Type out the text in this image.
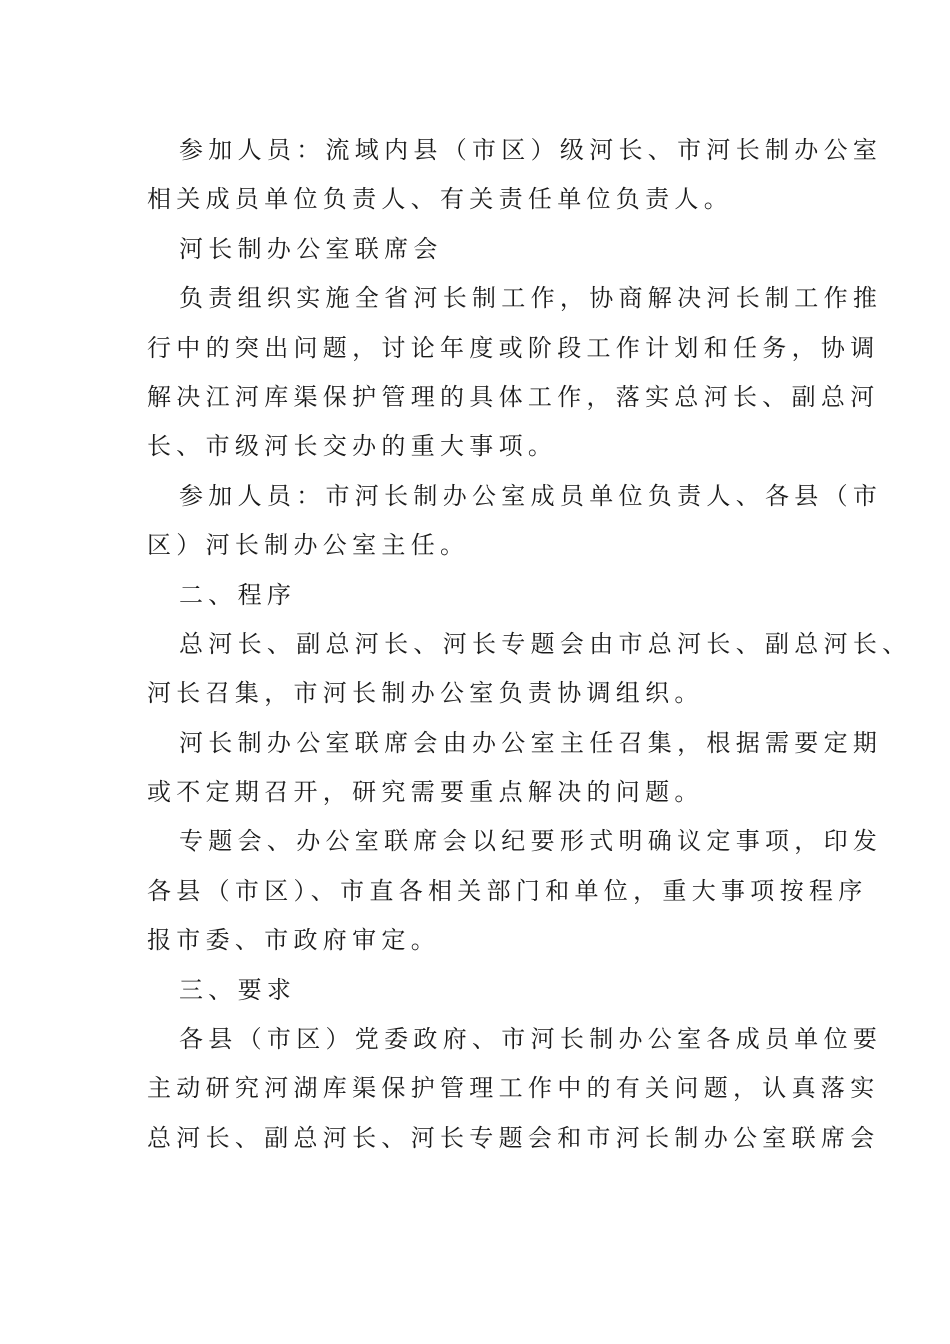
参加人员：流域内县（市区）级河长、市河长制办公室
相关成员单位负责人、有关责任单位负责人。
河长制办公室联席会
负责组织实施全省河长制工作，协商解决河长制工作推
行中的突出问题，讨论年度或阶段工作计划和任务，协调
解决江河库渠保护管理的具体工作，落实总河长、副总河
长、市级河长交办的重大事项。
参加人员：市河长制办公室成员单位负责人、各县（市
区）河长制办公室主任。
二、程序
总河长、副总河长、河长专题会由市总河长、副总河长、
河长召集，市河长制办公室负责协调组织。
河长制办公室联席会由办公室主任召集，根据需要定期
或不定期召开，研究需要重点解决的问题。
专题会、办公室联席会以纪要形式明确议定事项，印发
各县（市区）、市直各相关部门和单位，重大事项按程序
报市委、市政府审定。
三、要求
各县（市区）党委政府、市河长制办公室各成员单位要
主动研究河湖库渠保护管理工作中的有关问题，认真落实
总河长、副总河长、河长专题会和市河长制办公室联席会
